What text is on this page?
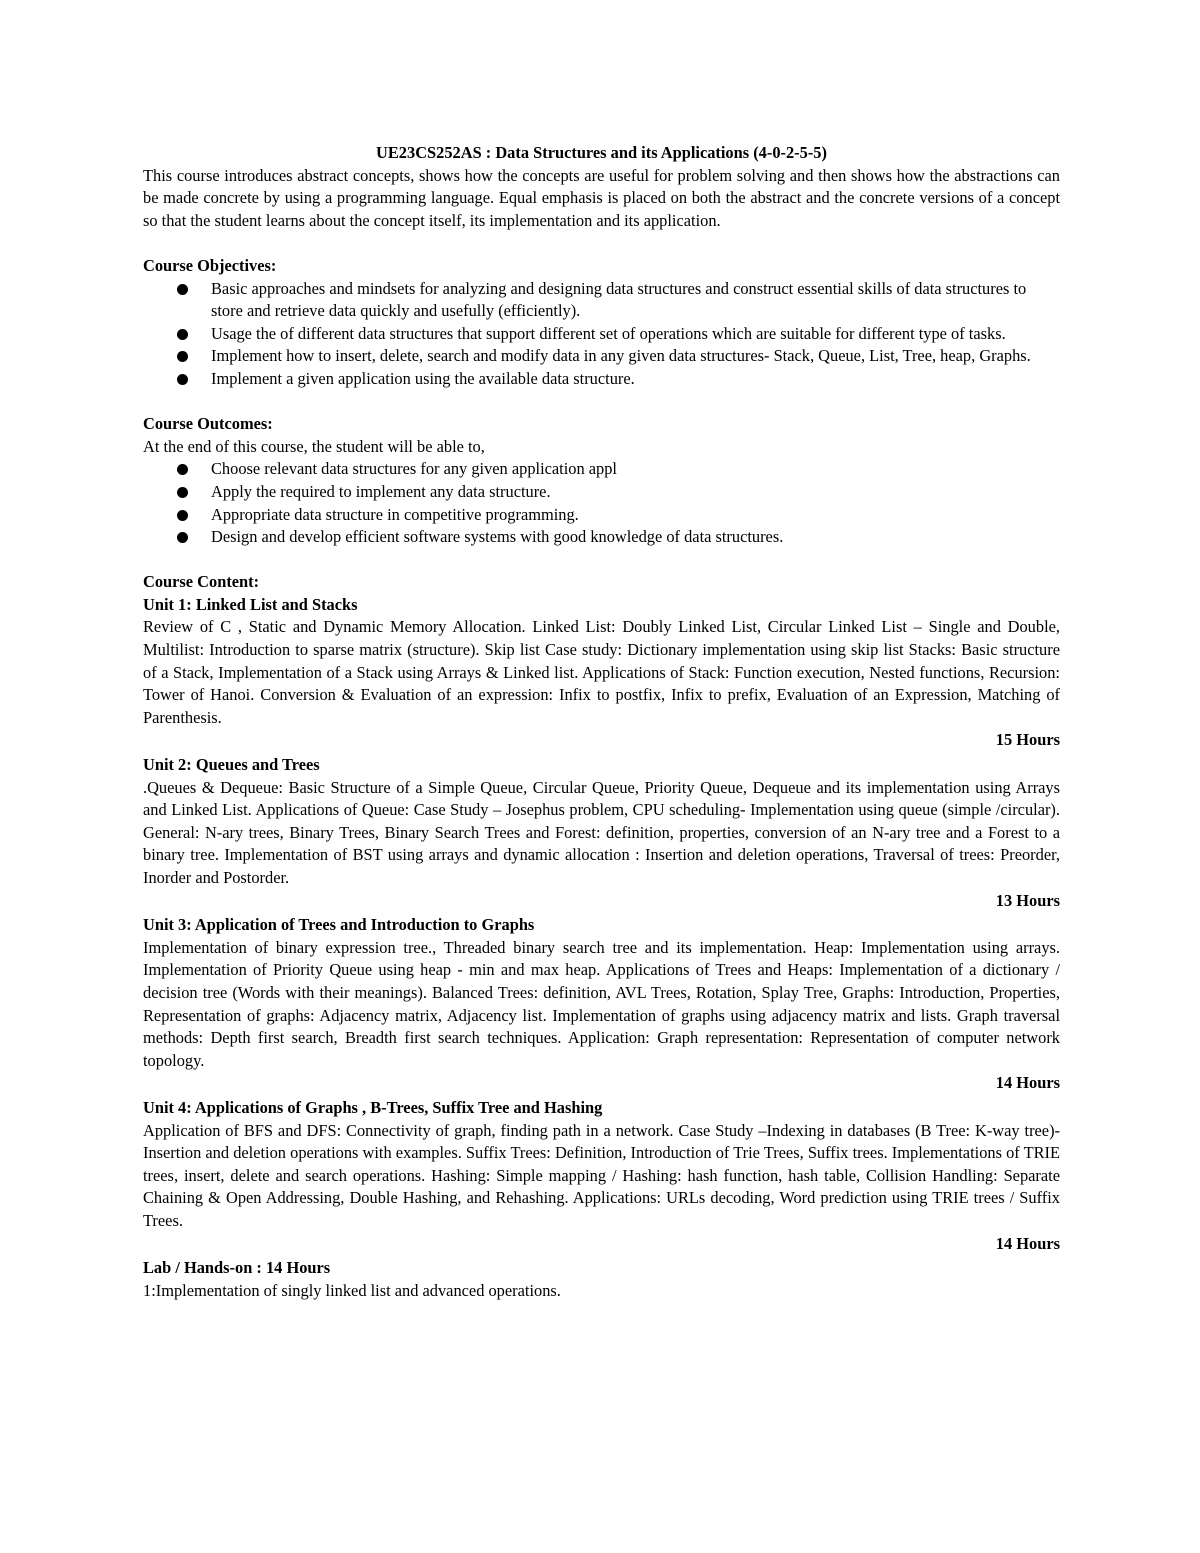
UE23CS252AS : Data Structures and its Applications (4-0-2-5-5)

This course introduces abstract concepts, shows how the concepts are useful for problem solving and then shows how the abstractions can be made concrete by using a programming language. Equal emphasis is placed on both the abstract and the concrete versions of a concept so that the student learns about the concept itself, its implementation and its application.

Course Objectives:

Basic approaches and mindsets for analyzing and designing data structures and construct essential skills of data structures to store and retrieve data quickly and usefully (efficiently).
Usage the of different data structures that support different set of operations which are suitable for different type of tasks.
Implement how to insert, delete, search and modify data in any given data structures- Stack, Queue, List, Tree, heap, Graphs.
Implement a given application using the available data structure.

Course Outcomes:

At the end of this course, the student will be able to,

Choose relevant data structures for any given application appl
Apply the required to implement any data structure.
Appropriate data structure in competitive programming.
Design and develop efficient software systems with good knowledge of data structures.

Course Content:

Unit 1: Linked List and Stacks

Review of C , Static and Dynamic Memory Allocation. Linked List: Doubly Linked List, Circular Linked List – Single and Double, Multilist: Introduction to sparse matrix (structure). Skip list Case study: Dictionary implementation using skip list Stacks: Basic structure of a Stack, Implementation of a Stack using Arrays & Linked list. Applications of Stack: Function execution, Nested functions, Recursion: Tower of Hanoi. Conversion & Evaluation of an expression: Infix to postfix, Infix to prefix, Evaluation of an Expression, Matching of Parenthesis.

15 Hours

Unit 2: Queues and Trees

.Queues & Dequeue: Basic Structure of a Simple Queue, Circular Queue, Priority Queue, Dequeue and its implementation using Arrays and Linked List. Applications of Queue: Case Study – Josephus problem, CPU scheduling- Implementation using queue (simple /circular). General: N-ary trees, Binary Trees, Binary Search Trees and Forest: definition, properties, conversion of an N-ary tree and a Forest to a binary tree. Implementation of BST using arrays and dynamic allocation : Insertion and deletion operations, Traversal of trees: Preorder, Inorder and Postorder.

13 Hours

Unit 3: Application of Trees and Introduction to Graphs

Implementation of binary expression tree., Threaded binary search tree and its implementation. Heap: Implementation using arrays. Implementation of Priority Queue using heap - min and max heap. Applications of Trees and Heaps: Implementation of a dictionary / decision tree (Words with their meanings). Balanced Trees: definition, AVL Trees, Rotation, Splay Tree, Graphs: Introduction, Properties, Representation of graphs: Adjacency matrix, Adjacency list. Implementation of graphs using adjacency matrix and lists. Graph traversal methods: Depth first search, Breadth first search techniques. Application: Graph representation: Representation of computer network topology.

14 Hours

Unit 4: Applications of Graphs , B-Trees, Suffix Tree and Hashing

Application of BFS and DFS: Connectivity of graph, finding path in a network. Case Study –Indexing in databases (B Tree: K-way tree)- Insertion and deletion operations with examples. Suffix Trees: Definition, Introduction of Trie Trees, Suffix trees. Implementations of TRIE trees, insert, delete and search operations. Hashing: Simple mapping / Hashing: hash function, hash table, Collision Handling: Separate Chaining & Open Addressing, Double Hashing, and Rehashing. Applications: URLs decoding, Word prediction using TRIE trees / Suffix Trees.

14 Hours

Lab / Hands-on : 14 Hours

1:Implementation of singly linked list and advanced operations.
